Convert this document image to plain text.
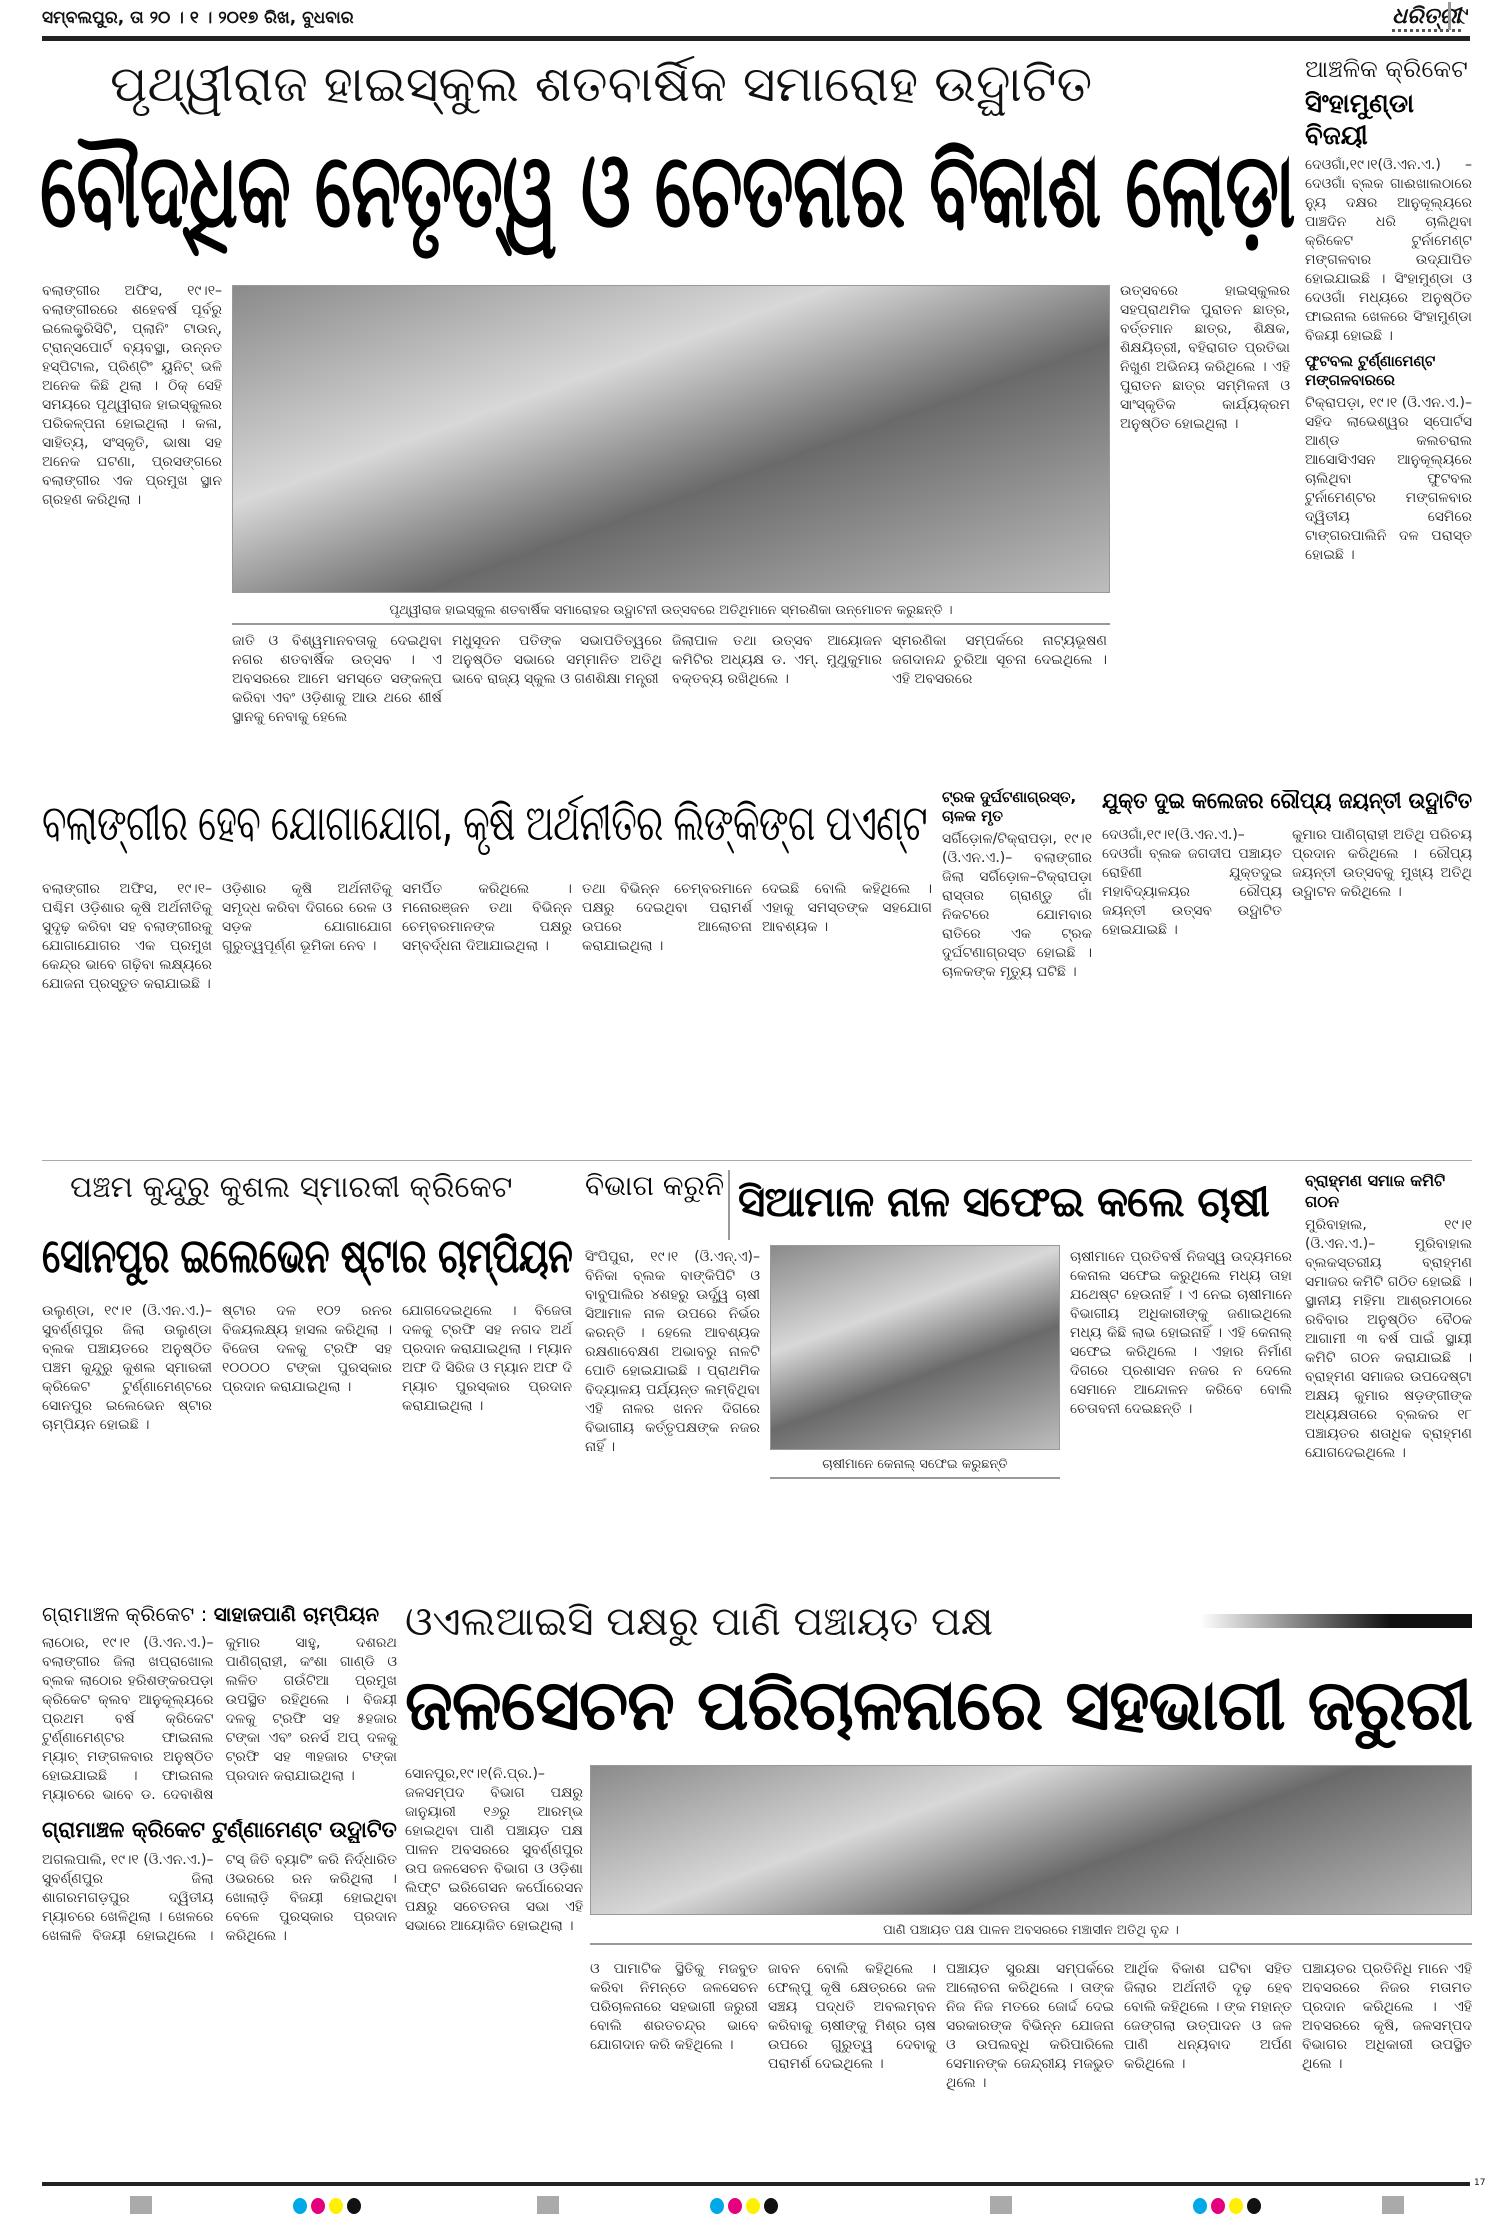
ସମ୍ବଲପୁର, ତା ୨୦ । ୧ । ୨୦୧୭ ରିଖ, ବୁଧବାର	ଧରିତ୍ରୀ
୯
ପୃଥ୍ୱୀରାଜ ହାଇସ୍କୁଲ ଶତବାର୍ଷିକ ସମାରୋହ ଉଦ୍ଘାଟିତ
ବୌଦ୍ଧିକ ନେତୃତ୍ୱ ଓ ଚେତନାର ବିକାଶ ଲୋଡ଼ା

ବଲାଙ୍ଗୀର ଅଫିସ, ୧୯।୧– ବଲାଙ୍ଗୀରରେ ଶହେବର୍ଷ ପୂର୍ବରୁ ଇଲେକ୍ଟ୍ରିସିଟି, ପ୍ଲାନିଂ ଟାଉନ୍, ଟ୍ରାନ୍ସପୋର୍ଟ ବ୍ୟବସ୍ଥା, ଉନ୍ନତ ହସ୍ପିଟାଲ, ପ୍ରିଣ୍ଟିଂ ୟୁନିଟ୍ ଭଳି ଅନେକ କିଛି ଥିଲା । ଠିକ୍ ସେହି ସମୟରେ ପୃଥ୍ୱୀରାଜ ହାଇସ୍କୁଲର ପରିକଳ୍ପନା ହୋଇଥିଲା । କଳା, ସାହିତ୍ୟ, ସଂସ୍କୃତି, ଭାଷା ସହ ଅନେକ ଘଟଣା, ପ୍ରସଙ୍ଗରେ ବଲାଙ୍ଗୀର ଏକ ପ୍ରମୁଖ ସ୍ଥାନ ଗ୍ରହଣ କରିଥିଲା ।

ପୃଥ୍ୱୀରାଜ ହାଇସ୍କୁଲ ଶତବାର୍ଷିକ ସମାରୋହର ଉଦ୍ଘାଟନୀ ଉତ୍ସବରେ ଅତିଥିମାନେ ସ୍ମରଣିକା ଉନ୍ମୋଚନ କରୁଛନ୍ତି ।

ଜାତି ଓ ବିଶ୍ୱମାନବତାକୁ ଦେଇଥିବା ନଗର ଶତବାର୍ଷିକ ଉତ୍ସବ । ଏ ଅବସରରେ ଆମେ ସମସ୍ତେ ସଙ୍କଳ୍ପ କରିବା ଏବଂ ଓଡ଼ିଶାକୁ ଆଉ ଥରେ ଶୀର୍ଷ ସ୍ଥାନକୁ ନେବାକୁ ହେଲେ

ମଧୁସୂଦନ ପତିଙ୍କ ସଭାପତିତ୍ୱରେ ଅନୁଷ୍ଠିତ ସଭାରେ ସମ୍ମାନିତ ଅତିଥି ଭାବେ ରାଜ୍ୟ ସ୍କୁଲ ଓ ଗଣଶିକ୍ଷା ମନ୍ତ୍ରୀ

ଜିଲାପାଳ ତଥା ଉତ୍ସବ ଆୟୋଜନ କମିଟିର ଅଧ୍ୟକ୍ଷ ଡ. ଏମ୍. ମୁଥୁକୁମାର ବକ୍ତବ୍ୟ ରଖିଥିଲେ ।

ସ୍ମରଣିକା ସମ୍ପର୍କରେ ନାଟ୍ୟଭୂଷଣ ଜଗଦାନନ୍ଦ ଚୁରିଆ ସୂଚନା ଦେଇଥିଲେ । ଏହି ଅବସରରେ

ଉତ୍ସବରେ ହାଇସ୍କୁଲର ସହପ୍ରାଥମିକ ପୁରାତନ ଛାତ୍ର, ବର୍ତ୍ତମାନ ଛାତ୍ର, ଶିକ୍ଷକ, ଶିକ୍ଷୟିତ୍ରୀ, ବହିରାଗତ ପ୍ରତିଭା ନିଖୁଣ ଅଭିନୟ କରିଥିଲେ । ଏହି ପୁରାତନ ଛାତ୍ର ସମ୍ମିଳନୀ ଓ ସାଂସ୍କୃତିକ କାର୍ଯ୍ୟକ୍ରମ ଅନୁଷ୍ଠିତ ହୋଇଥିଲା ।

ଆଞ୍ଚଳିକ କ୍ରିକେଟ
ସିଂହାମୁଣ୍ଡା ବିଜୟୀ

ଦେଓଗାଁ,୧୯।୧(ଓି.ଏନ.ଏ.) –ଦେଓଗାଁ ବ୍ଲକ ଗାଈଖାଲଠାରେ ନ୍ୟୁ ଦକ୍ଷର ଆନୁକୂଲ୍ୟରେ ପାଞ୍ଚଦିନ ଧରି ଚାଲିଥିବା କ୍ରିକେଟ ଟୁର୍ନାମେଣ୍ଟ ମଙ୍ଗଳବାର ଉଦ୍ଯାପିତ ହୋଇଯାଇଛି । ସିଂହାମୁଣ୍ଡା ଓ ଦେଓଗାଁ ମଧ୍ୟରେ ଅନୁଷ୍ଠିତ ଫାଇନାଲ ଖେଳରେ ସିଂହାମୁଣ୍ଡା ବିଜୟୀ ହୋଇଛି ।

ଫୁଟବଲ ଟୁର୍ଣ୍ଣାମେଣ୍ଟ ମଙ୍ଗଳବାରରେ

ଟିକ୍ରାପଡ଼ା, ୧୯।୧ (ଓି.ଏନ.ଏ.)– ସହିଦ ଲାଭେଶ୍ୱର ସ୍ପୋର୍ଟସ ଆଣ୍ଡ କଲଚରାଲ ଆସୋସିଏସନ ଆନୁକୂଲ୍ୟରେ ଚାଲିଥିବା ଫୁଟବଲ ଟୁର୍ନାମେଣ୍ଟର ମଙ୍ଗଳବାର ଦ୍ୱିତୀୟ ସେମିରେ ଟାଙ୍ଗରପାଲିନି ଦଳ ପରାସ୍ତ ହୋଇଛି ।

ବଲାଙ୍ଗୀର ହେବ ଯୋଗାଯୋଗ, କୃଷି ଅର୍ଥନୀତିର ଲିଙ୍କିଙ୍ଗ ପଏଣ୍ଟ

ବଲାଙ୍ଗୀର ଅଫିସ, ୧୯।୧– ପଶ୍ଚିମ ଓଡ଼ିଶାର କୃଷି ଅର୍ଥନୀତିକୁ ସୁଦୃଢ଼ କରିବା ସହ ବଲାଙ୍ଗୀରକୁ ଯୋଗାଯୋଗର ଏକ ପ୍ରମୁଖ କେନ୍ଦ୍ର ଭାବେ ଗଢ଼ିବା ଲକ୍ଷ୍ୟରେ ଯୋଜନା ପ୍ରସ୍ତୁତ କରାଯାଇଛି ।

ଓଡ଼ିଶାର କୃଷି ଅର୍ଥନୀତିକୁ ସମୃଦ୍ଧ କରିବା ଦିଗରେ ରେଳ ଓ ସଡ଼କ ଯୋଗାଯୋଗ ଗୁରୁତ୍ୱପୂର୍ଣ୍ଣ ଭୂମିକା ନେବ ।

ସମର୍ପିତ କରିଥିଲେ । ମନୋରଞ୍ଜନ ତଥା ବିଭିନ୍ନ ଚେମ୍ବରମାନଙ୍କ ପକ୍ଷରୁ ସମ୍ବର୍ଦ୍ଧନା ଦିଆଯାଇଥିଲା ।

ତଥା ବିଭିନ୍ନ ଚେମ୍ବରମାନେ ପକ୍ଷରୁ ଦେଇଥିବା ପରାମର୍ଶ ଉପରେ ଆଲୋଚନା କରାଯାଇଥିଲା ।

ଦେଇଛି ବୋଲି କହିଥିଲେ । ଏହାକୁ ସମସ୍ତଙ୍କ ସହଯୋଗ ଆବଶ୍ୟକ ।

ଟ୍ରକ ଦୁର୍ଘଟଣାଗ୍ରସ୍ତ, ଚାଳକ ମୃତ

ସର୍ଗିଡ଼ୋଳ/ଟିକ୍ରାପଡ଼ା, ୧୯।୧ (ଓି.ଏନ.ଏ.)– ବଲାଙ୍ଗୀର ଜିଲା ସର୍ଗିଡ଼ୋଳ–ଟିକ୍ରାପଡ଼ା ରାସ୍ତାର ଗ୍ରାଣ୍ଡୁ ଗାଁ ନିକଟରେ ଯୋମବାର ରାତିରେ ଏକ ଟ୍ରକ ଦୁର୍ଘଟଣାଗ୍ରସ୍ତ ହୋଇଛି । ଚାଳକଙ୍କ ମୃତ୍ୟୁ ଘଟିଛି ।

ଯୁକ୍ତ ଦୁଇ କଲେଜର ରୌପ୍ୟ ଜୟନ୍ତୀ ଉଦ୍ଘାଟିତ

ଦେଓଗାଁ,୧୯।୧(ଓି.ଏନ.ଏ.)–ଦେଓଗାଁ ବ୍ଲକ ଜଗଦୀପ ପଞ୍ଚାୟତ ରୋହିଣୀ ଯୁକ୍ତଦୁଇ ମହାବିଦ୍ୟାଳୟର ରୌପ୍ୟ ଜୟନ୍ତୀ ଉତ୍ସବ ଉଦ୍ଘାଟିତ ହୋଇଯାଇଛି ।

କୁମାର ପାଣିଗ୍ରାହୀ ଅତିଥି ପରିଚୟ ପ୍ରଦାନ କରିଥିଲେ । ରୌପ୍ୟ ଜୟନ୍ତୀ ଉତ୍ସବକୁ ମୁଖ୍ୟ ଅତିଥି ଉଦ୍ଘାଟନ କରିଥିଲେ ।

ପଞ୍ଚମ କୁନ୍ଦୁରୁ କୁଶଲ ସ୍ମାରକୀ କ୍ରିକେଟ
ସୋନପୁର ଇଲେଭେନ ଷ୍ଟାର ଚାମ୍ପିୟନ

ଉଲୁଣ୍ଡା, ୧୯।୧ (ଓି.ଏନ.ଏ.)– ସୁବର୍ଣ୍ଣପୁର ଜିଲା ଉଲୁଣ୍ଡା ବ୍ଲକ ପଞ୍ଚାୟତରେ ଅନୁଷ୍ଠିତ ପଞ୍ଚମ କୁନ୍ଦୁରୁ କୁଶଲ ସ୍ମାରକୀ କ୍ରିକେଟ ଟୁର୍ଣ୍ଣାମେଣ୍ଟରେ ସୋନପୁର ଇଲେଭେନ ଷ୍ଟାର ଚାମ୍ପିୟନ ହୋଇଛି ।

ଷ୍ଟାର ଦଳ ୧୦୨ ରନର ବିଜୟଲକ୍ଷ୍ୟ ହାସଲ କରିଥିଲା । ବିଜେତା ଦଳକୁ ଟ୍ରଫି ସହ ୧୦୦୦୦ ଟଙ୍କା ପୁରସ୍କାର ପ୍ରଦାନ କରାଯାଇଥିଲା ।

ଯୋଗଦେଇଥିଲେ । ବିଜେତା ଦଳକୁ ଟ୍ରଫି ସହ ନଗଦ ଅର୍ଥ ପ୍ରଦାନ କରାଯାଇଥିଲା । ମ୍ୟାନ ଅଫ ଦି ସିରିଜ ଓ ମ୍ୟାନ ଅଫ ଦି ମ୍ୟାଚ ପୁରସ୍କାର ପ୍ରଦାନ କରାଯାଇଥିଲା ।

ବିଭାଗ କରୁନି ସିଆମାଳ ନାଳ ସଫେଇ କଲେ ଚାଷୀ

ସିଂପିପୁରା, ୧୯।୧ (ଓି.ଏନ୍.ଏ)– ବିନିକା ବ୍ଲକ ବାଙ୍କିପିଟି ଓ ବାବୁପାଲିର ୪ଶହରୁ ଊର୍ଦ୍ଧ୍ୱ ଚାଷୀ ସିଆମାଳ ନାଳ ଉପରେ ନିର୍ଭର କରନ୍ତି । ହେଲେ ଆବଶ୍ୟକ ରକ୍ଷଣାବେକ୍ଷଣ ଅଭାବରୁ ନାଳଟି ପୋତି ହୋଇଯାଇଛି । ପ୍ରାଥମିକ ବିଦ୍ୟାଳୟ ପର୍ଯ୍ୟନ୍ତ ଲମ୍ବିଥିବା ଏହି ନାଳର ଖନନ ଦିଗରେ ବିଭାଗୀୟ କର୍ତ୍ତୃପକ୍ଷଙ୍କ ନଜର ନାହିଁ ।

ଚାଷୀମାନେ କେନାଲ୍ ସଫେଇ କରୁଛନ୍ତି

ଚାଷୀମାନେ ପ୍ରତିବର୍ଷ ନିଜସ୍ୱ ଉଦ୍ୟମରେ କେନାଲ ସଫେଇ କରୁଥିଲେ ମଧ୍ୟ ତାହା ଯଥେଷ୍ଟ ହେଉନାହିଁ । ଏ ନେଇ ଚାଷୀମାନେ ବିଭାଗୀୟ ଅଧିକାରୀଙ୍କୁ ଜଣାଇଥିଲେ ମଧ୍ୟ କିଛି ଲାଭ ହୋଇନାହିଁ । ଏହି କେନାଲ୍ ସଫେଇ କରିଥିଲେ । ଏହାର ନିର୍ମାଣ ଦିଗରେ ପ୍ରଶାସନ ନଜର ନ ଦେଲେ ସେମାନେ ଆନ୍ଦୋଳନ କରିବେ ବୋଲି ଚେତାବନୀ ଦେଇଛନ୍ତି ।

ବ୍ରାହ୍ମଣ ସମାଜ କମିଟି ଗଠନ

ମୁରିବାହାଲ, ୧୯।୧ (ଓି.ଏନ.ଏ.)– ମୁରିବାହାଲ ବ୍ଲକସ୍ତରୀୟ ବ୍ରାହ୍ମଣ ସମାଜର କମିଟି ଗଠିତ ହୋଇଛି । ସ୍ଥାନୀୟ ମହିମା ଆଶ୍ରମଠାରେ ରବିବାର ଅନୁଷ୍ଠିତ ବୈଠକ ଆଗାମୀ ୩ ବର୍ଷ ପାଇଁ ସ୍ଥାୟୀ କମିଟି ଗଠନ କରାଯାଇଛି । ବ୍ରାହ୍ମଣ ସମାଜର ଉପଦେଷ୍ଟା ଅକ୍ଷୟ କୁମାର ଷଡ଼ଙ୍ଗୀଙ୍କ ଅଧ୍ୟକ୍ଷତାରେ ବ୍ଲକର ୧୮ ପଞ୍ଚାୟତର ଶତାଧିକ ବ୍ରାହ୍ମଣ ଯୋଗଦେଇଥିଲେ ।

ଗ୍ରାମାଞ୍ଚଳ କ୍ରିକେଟ : ସାହାଜପାଣି ଚାମ୍ପିୟନ

ଲାଠୋର, ୧୯।୧ (ଓି.ଏନ.ଏ.)– ବଲାଙ୍ଗୀର ଜିଲା ଖପ୍ରାଖୋଲ ବ୍ଲକ ଲାଠୋର ହରିଶଙ୍କରପଡ଼ା କ୍ରିକେଟ କ୍ଲବ ଆନୁକୂଲ୍ୟରେ ପ୍ରଥମ ବର୍ଷ କ୍ରିକେଟ ଟୁର୍ଣ୍ଣାମେଣ୍ଟର ଫାଇନାଲ ମ୍ୟାଚ୍ ମଙ୍ଗଳବାର ଅନୁଷ୍ଠିତ ହୋଇଯାଇଛି । ଫାଇନାଲ ମ୍ୟାଚରେ ଭାବେ ଡ. ଦେବାଶିଷ କୁମାର ସାହୁ, ଦଶରଥ ପାଣିଗ୍ରାହୀ, କଂଶା ଗାଣ୍ଡି ଓ ଲଳିତ ଗଉଁଟିଆ ପ୍ରମୁଖ ଉପସ୍ଥିତ ରହିଥିଲେ । ବିଜୟୀ ଦଳକୁ ଟ୍ରଫି ସହ ୫ହଜାର ଟଙ୍କା ଏବଂ ରନର୍ସ ଅପ୍ ଦଳକୁ ଟ୍ରଫି ସହ ୩ହଜାର ଟଙ୍କା ପ୍ରଦାନ କରାଯାଇଥିଲା ।

ଗ୍ରାମାଞ୍ଚଳ କ୍ରିକେଟ ଟୁର୍ଣ୍ଣାମେଣ୍ଟ ଉଦ୍ଘାଟିତ

ଅଗଲପାଲି, ୧୯।୧ (ଓି.ଏନ.ଏ.)– ସୁବର୍ଣ୍ଣପୁର ଜିଲା ଶାଗରମଗଡ଼ପୁର ଦ୍ୱିତୀୟ ମ୍ୟାଚରେ ଖେଳିଥିଲା । ଖେଳରେ ଖେଳାଳି ବିଜୟୀ ହୋଇଥିଲେ । ଟସ୍ ଜିତି ବ୍ୟାଟିଂ କରି ନିର୍ଦ୍ଧାରିତ ଓଭରରେ ରନ କରିଥିଲା । ଖୋଲାଡ଼ି ବିଜୟୀ ହୋଇଥିବା ବେଳେ ପୁରସ୍କାର ପ୍ରଦାନ କରିଥିଲେ ।

ଓଏଲଆଇସି ପକ୍ଷରୁ ପାଣି ପଞ୍ଚାୟତ ପକ୍ଷ
ଜଳସେଚନ ପରିଚାଳନାରେ ସହଭାଗୀ ଜରୁରୀ

ସୋନପୁର,୧୯।୧(ନି.ପ୍ର.)– ଜଳସମ୍ପଦ ବିଭାଗ ପକ୍ଷରୁ ଜାନୁୟାରୀ ୧୬ରୁ ଆରମ୍ଭ ହୋଇଥିବା ପାଣି ପଞ୍ଚାୟତ ପକ୍ଷ ପାଳନ ଅବସରରେ ସୁବର୍ଣ୍ଣପୁର ଉପ ଜଳସେଚନ ବିଭାଗ ଓ ଓଡ଼ିଶା ଲିଫ୍ଟ ଇରିଗେସନ କର୍ପୋରେସନ ପକ୍ଷରୁ ସଚେତନତା ସଭା ଏହି ସଭାରେ ଆୟୋଜିତ ହୋଇଥିଲା ।	ପାଣି ପଞ୍ଚାୟତ ପକ୍ଷ ପାଳନ ଅବସରରେ ମଞ୍ଚାସୀନ ଅତିଥି ବୃନ୍ଦ ।

ଓ ପାମାଟିକ ସ୍ଥିତିକୁ ମଜବୁତ କରିବା ନିମନ୍ତେ ଜଳସେଚନ ପରିଚାଳନାରେ ସହଭାଗୀ ଜରୁରୀ ବୋଲି ଶରତଚନ୍ଦ୍ର ଭାବେ ଯୋଗଦାନ କରି କହିଥିଲେ ।

ଜାବନ ବୋଲି କହିଥିଲେ । ଫେଲ୍ପୁ କୃଷି କ୍ଷେତ୍ରରେ ଜଳ ସଞ୍ଚୟ ପଦ୍ଧତି ଅବଲମ୍ବନ କରିବାକୁ ଚାଷୀଙ୍କୁ ମିଶ୍ର ଚାଷ ଉପରେ ଗୁରୁତ୍ୱ ଦେବାକୁ ପରାମର୍ଶ ଦେଇଥିଲେ ।

ପଞ୍ଚାୟତ ସୁରକ୍ଷା ସମ୍ପର୍କରେ ଆଲୋଚନା କରିଥିଲେ । ତାଙ୍କ ନିଜ ନିଜ ମତରେ ଜୋର୍ଦ୍ଦ ଦେଇ ସରକାରଙ୍କ ବିଭିନ୍ନ ଯୋଜନା ଓ ଉପଲବ୍ଧି କରିପାରିଲେ ସେମାନଙ୍କ ଜେନ୍ଦ୍ରୀୟ ମଜଭୁତ ଥିଲେ ।

ଆର୍ଥିକ ବିକାଶ ଘଟିବା ସହିତ ଜିଲାର ଅର୍ଥନୀତି ଦୃଢ଼ ହେବ ବୋଲି କହିଥିଲେ । ଙ୍କ ମହାନ୍ତ ଜେଙ୍ଗଲା ଉତ୍ପାଦନ ଓ ଜଳ ପାଣି ଧନ୍ୟବାଦ ଅର୍ପଣ କରିଥିଲେ ।

ପଞ୍ଚାୟତର ପ୍ରତିନିଧି ମାନେ ଏହି ଅବସରରେ ନିଜର ମତାମତ ପ୍ରଦାନ କରିଥିଲେ । ଏହି ଅବସରରେ କୃଷି, ଜଳସମ୍ପଦ ବିଭାଗର ଅଧିକାରୀ ଉପସ୍ଥିତ ଥିଲେ ।

17
